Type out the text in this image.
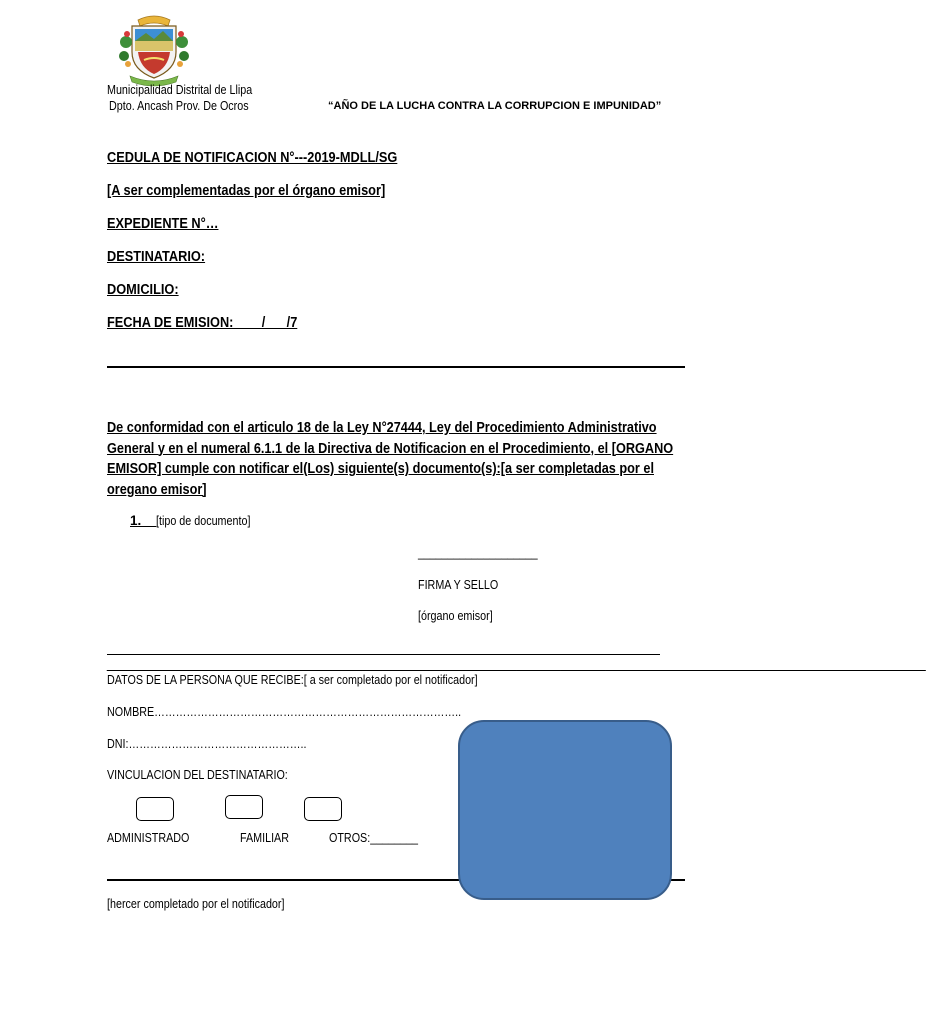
Municipalidad Distrital de Llipa
Dpto. Ancash Prov. De Ocros	“AÑO DE LA LUCHA CONTRA LA CORRUPCION E IMPUNIDAD”
CEDULA DE NOTIFICACION N°---2019-MDLL/SG
[A ser complementadas por el órgano emisor]
EXPEDIENTE N°…
DESTINATARIO:
DOMICILIO:
FECHA DE EMISION:____/___/7
De conformidad con el articulo 18 de la Ley N°27444, Ley del Procedimiento Administrativo General y en el numeral 6.1.1 de la Directiva de Notificacion en el Procedimiento, el [ORGANO EMISOR] cumple con notificar el(Los) siguiente(s) documento(s):[a ser completadas por el oregano emisor]
1.__ [tipo de documento]
____________________
FIRMA Y SELLO
[órgano emisor]
____________________________________________________________________________________________
DATOS DE LA PERSONA QUE RECIBE:[ a ser completado por el notificador]
NOMBRE…………………………………………………………………………..
DNI:…………………………………………..
VINCULACION DEL DESTINATARIO:
ADMINISTRADO	FAMILIAR	OTROS:________
[hercer completado por el notificador]
